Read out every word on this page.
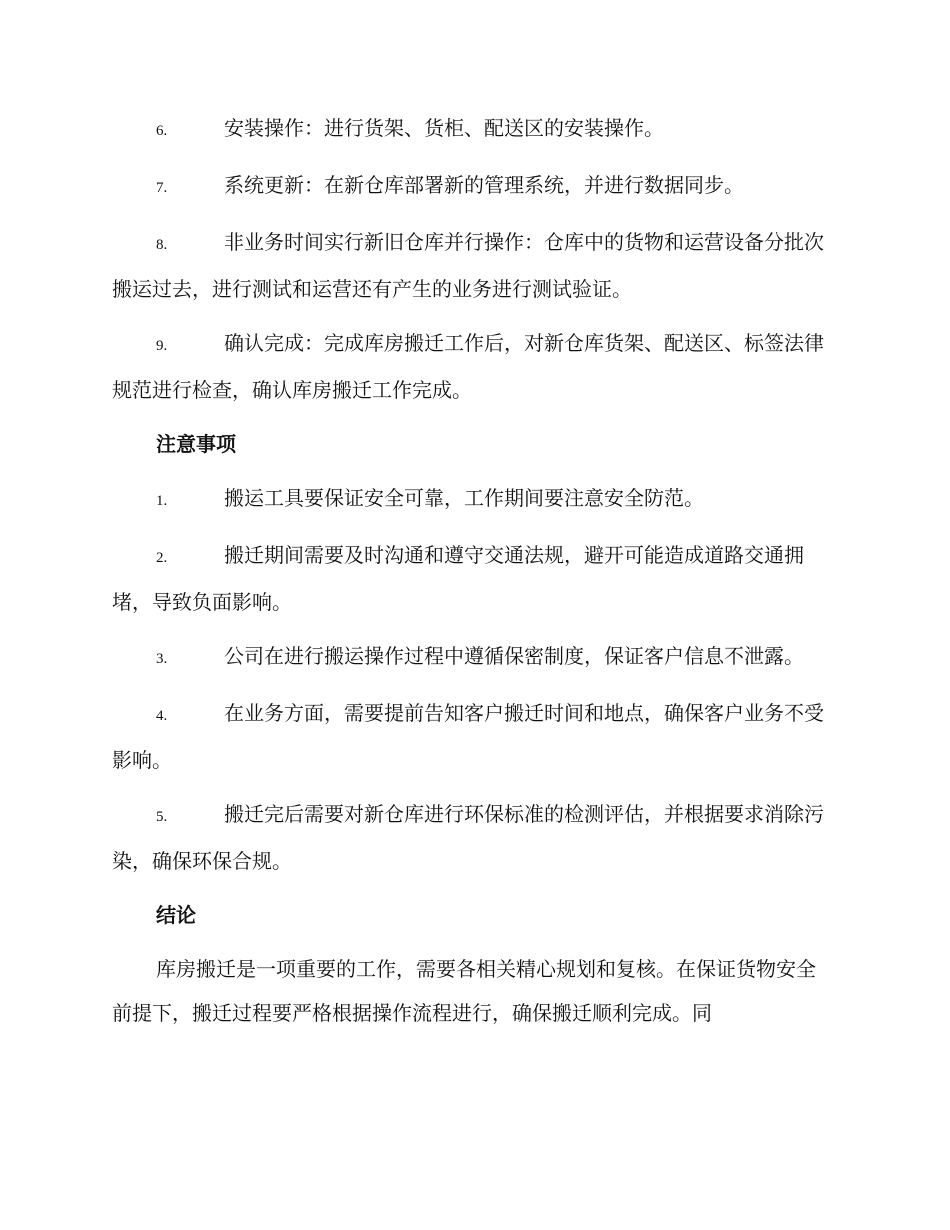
6.	安装操作：进行货架、货柜、配送区的安装操作。
7.	系统更新：在新仓库部署新的管理系统，并进行数据同步。
8.	非业务时间实行新旧仓库并行操作：仓库中的货物和运营设备分批次搬运过去，进行测试和运营还有产生的业务进行测试验证。
9.	确认完成：完成库房搬迁工作后，对新仓库货架、配送区、标签法律规范进行检查，确认库房搬迁工作完成。
注意事项
1.	搬运工具要保证安全可靠，工作期间要注意安全防范。
2.	搬迁期间需要及时沟通和遵守交通法规，避开可能造成道路交通拥堵，导致负面影响。
3.	公司在进行搬运操作过程中遵循保密制度，保证客户信息不泄露。
4.	在业务方面，需要提前告知客户搬迁时间和地点，确保客户业务不受影响。
5.	搬迁完后需要对新仓库进行环保标准的检测评估，并根据要求消除污染，确保环保合规。
结论

库房搬迁是一项重要的工作，需要各相关精心规划和复核。在保证货物安全前提下，搬迁过程要严格根据操作流程进行，确保搬迁顺利完成。同
